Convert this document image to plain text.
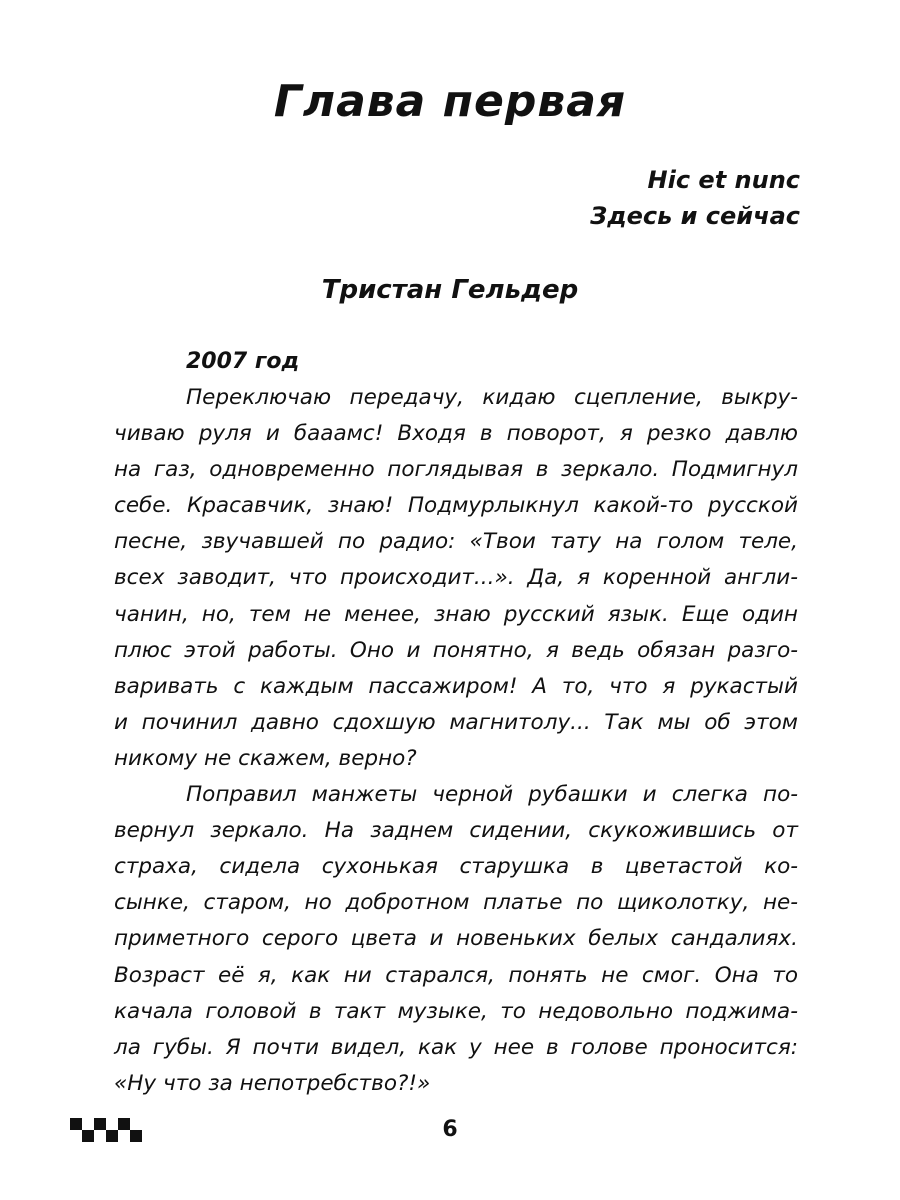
Глава первая
Hic et nunc
Здесь и сейчас
Тристан Гельдер
2007 год
Переключаю передачу, кидаю сцепление, выкру-
чиваю руля и бааамс! Входя в поворот, я резко давлю
на газ, одновременно поглядывая в зеркало. Подмигнул
себе. Красавчик, знаю! Подмурлыкнул какой-то русской
песне, звучавшей по радио: «Твои тату на голом теле,
всех заводит, что происходит...». Да, я коренной англи-
чанин, но, тем не менее, знаю русский язык. Еще один
плюс этой работы. Оно и понятно, я ведь обязан разго-
варивать с каждым пассажиром! А то, что я рукастый
и починил давно сдохшую магнитолу... Так мы об этом
никому не скажем, верно?
Поправил манжеты черной рубашки и слегка по-
вернул зеркало. На заднем сидении, скукожившись от
страха, сидела сухонькая старушка в цветастой ко-
сынке, старом, но добротном платье по щиколотку, не-
приметного серого цвета и новеньких белых сандалиях.
Возраст её я, как ни старался, понять не смог. Она то
качала головой в такт музыке, то недовольно поджима-
ла губы. Я почти видел, как у нее в голове проносится:
«Ну что за непотребство?!»
6
